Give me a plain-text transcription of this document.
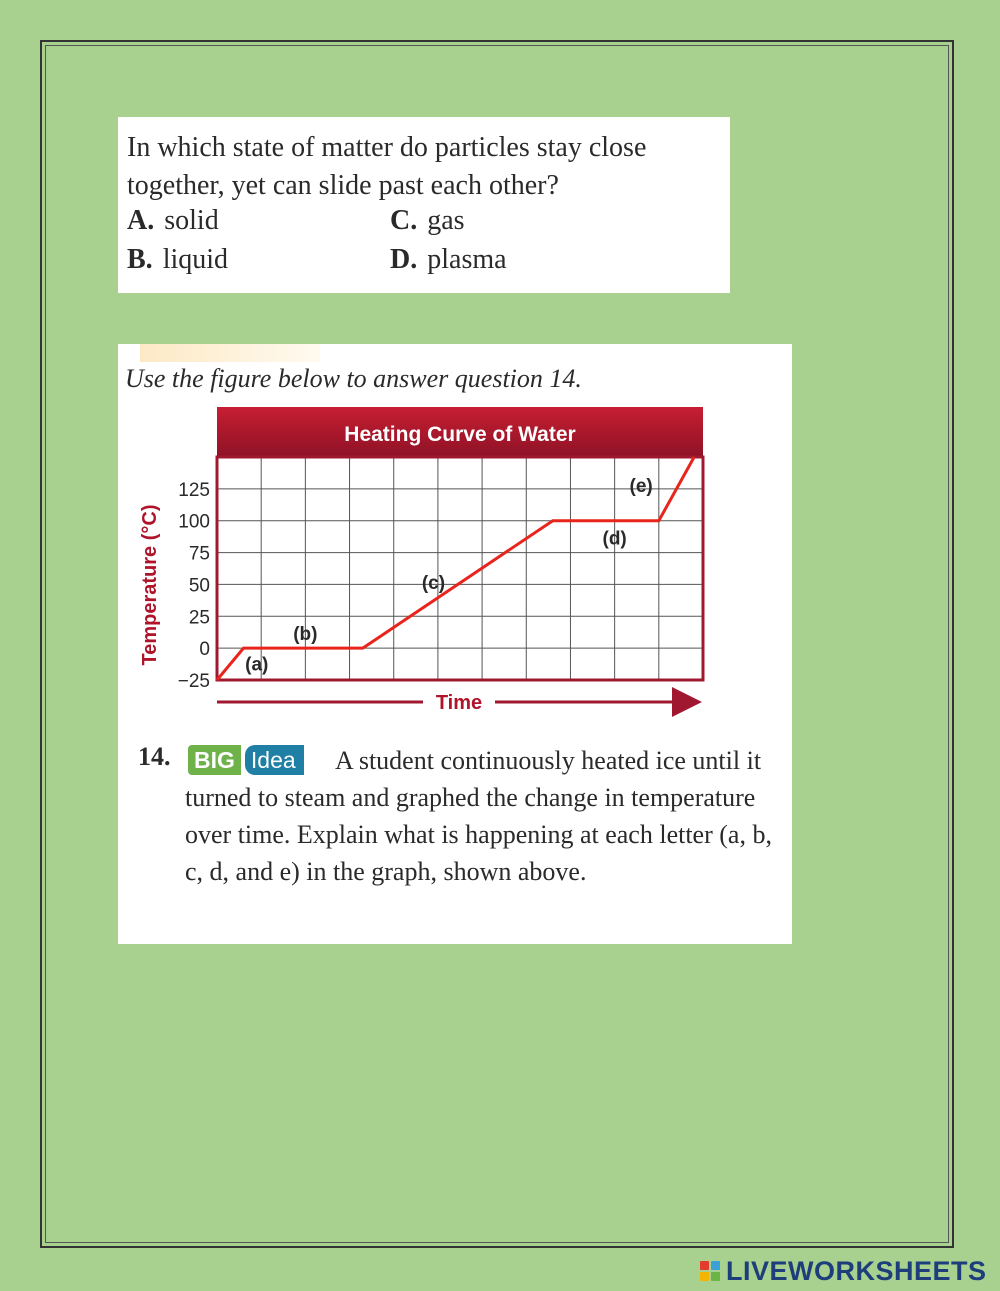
In which state of matter do particles stay close together, yet can slide past each other?
A. solid
B. liquid
C. gas
D. plasma
Use the figure below to answer question 14.
Heating Curve of Water
−25
0
25
50
75
100
125
Temperature (°C)	(a)
(b)
(c)
(d)
(e)
Time
14. BIG Idea	A student continuously heated ice until it turned to steam and graphed the change in temperature over time. Explain what is happening at each letter (a, b, c, d, and e) in the graph, shown above.
LIVEWORKSHEETS
